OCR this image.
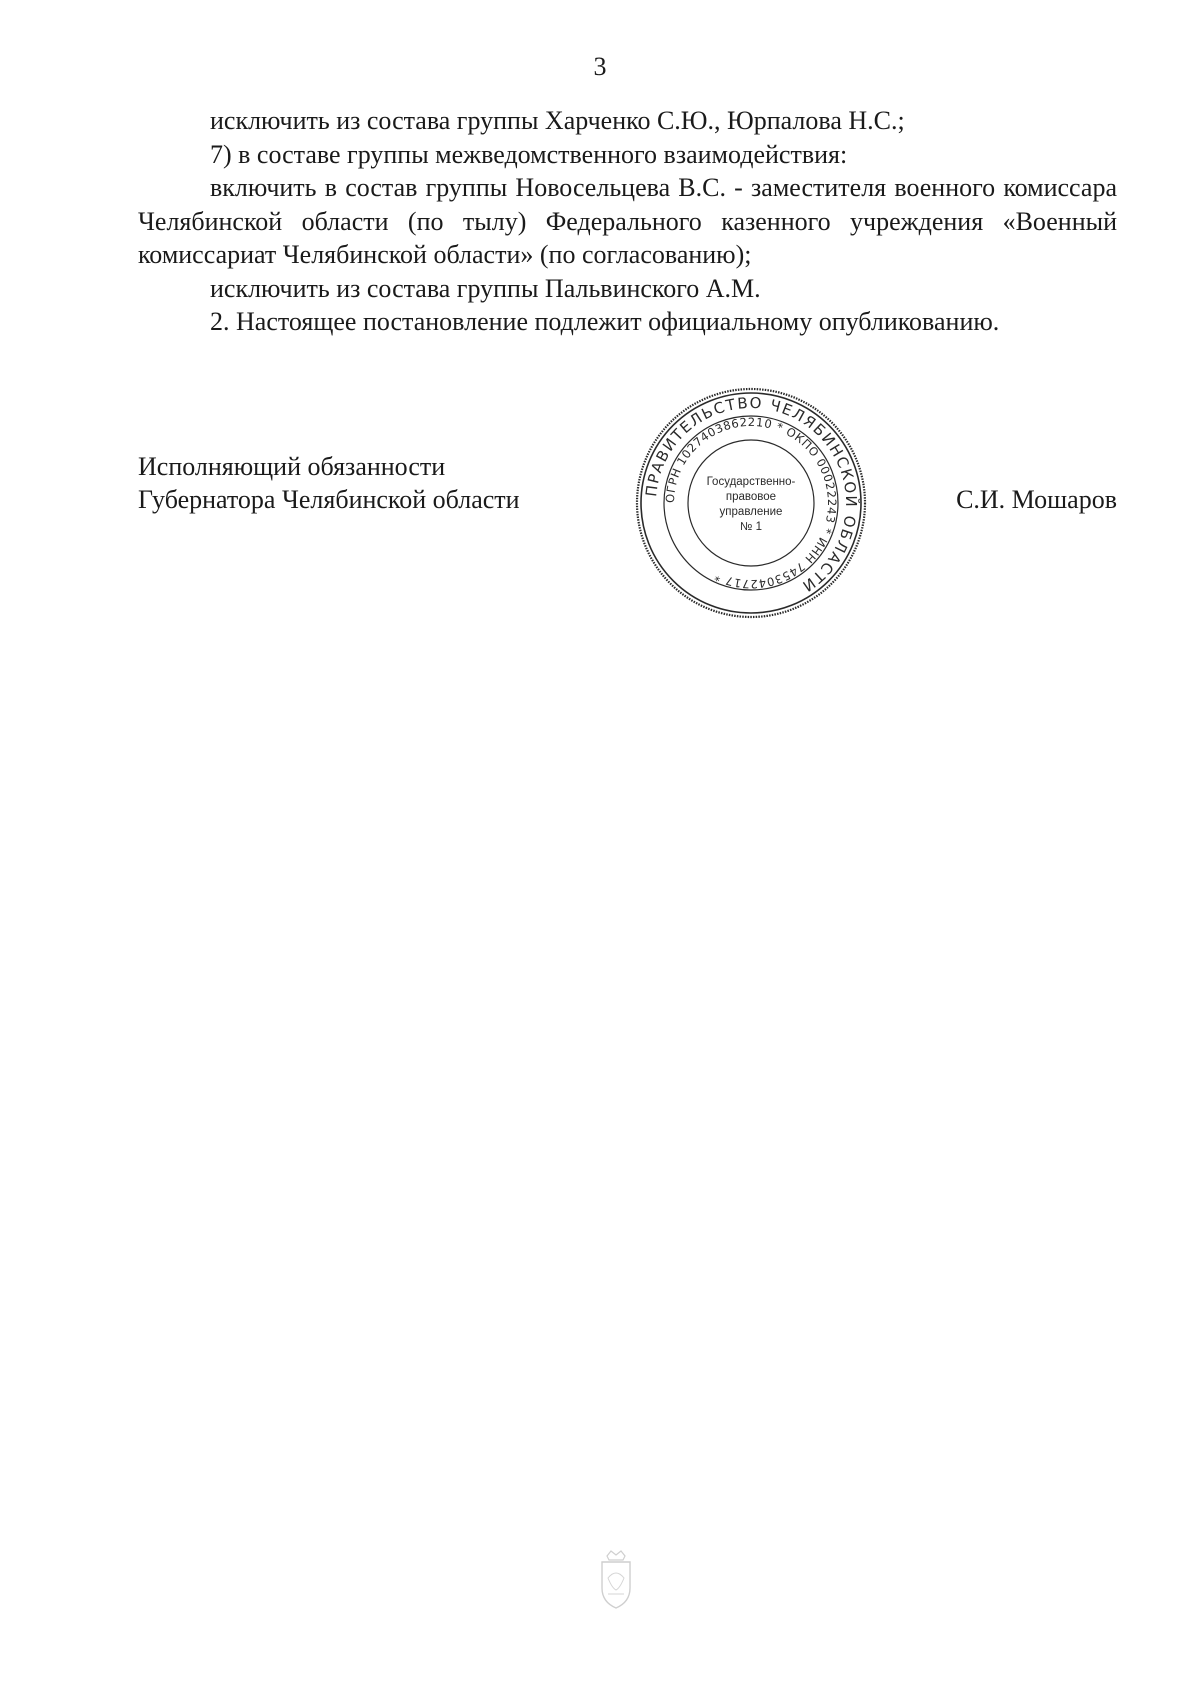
3

исключить из состава группы Харченко С.Ю., Юрпалова Н.С.;

7) в составе группы межведомственного взаимодействия:

включить в состав группы Новосельцева В.С. - заместителя военного комиссара Челябинской области (по тылу) Федерального казенного учреждения «Военный комиссариат Челябинской области» (по согласованию);

исключить из состава группы Пальвинского А.М.

2. Настоящее постановление подлежит официальному опубликованию.

Исполняющий обязанности
Губернатора Челябинской области	С.И. Мошаров
ПРАВИТЕЛЬСТВО ЧЕЛЯБИНСКОЙ ОБЛАСТИ
ОГРН 1027403862210 * ОКПО 00022243 * ИНН 7453042717 *
Государственно-
правовое
управление
№ 1
